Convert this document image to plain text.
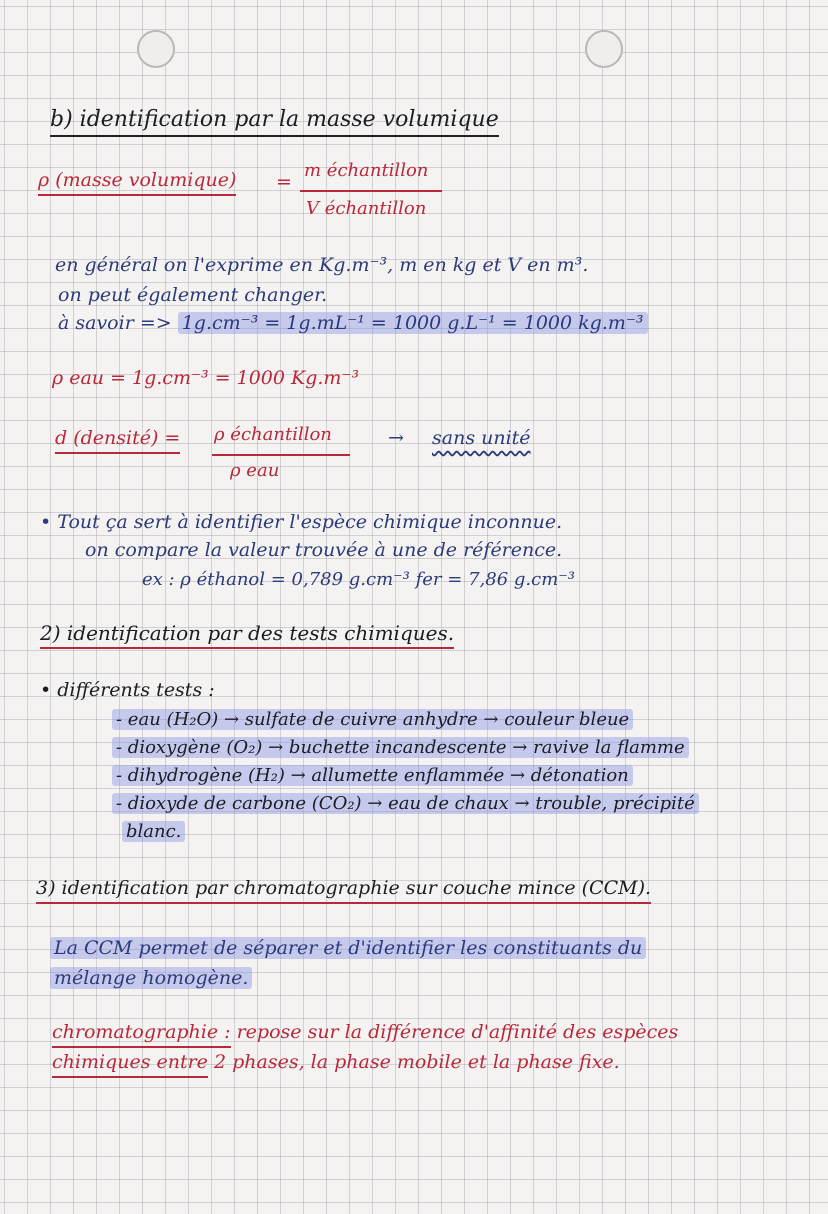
b) identification par la masse volumique
ρ (masse volumique) =
m échantillon
V échantillon
en général on l'exprime en Kg.m⁻³, m en kg et V en m³.
on peut également changer.
à savoir => 1g.cm⁻³ = 1g.mL⁻¹ = 1000 g.L⁻¹ = 1000 kg.m⁻³
ρ eau = 1g.cm⁻³ = 1000 Kg.m⁻³
d (densité) = ρ échantillon
ρ eau
→ sans unité
• Tout ça sert à identifier l'espèce chimique inconnue.
on compare la valeur trouvée à une de référence.
ex : ρ éthanol = 0,789 g.cm⁻³ fer = 7,86 g.cm⁻³
2) identification par des tests chimiques.
• différents tests :
- eau (H₂O) → sulfate de cuivre anhydre → couleur bleue
- dioxygène (O₂) → buchette incandescente → ravive la flamme
- dihydrogène (H₂) → allumette enflammée → détonation
- dioxyde de carbone (CO₂) → eau de chaux → trouble, précipité
blanc.
3) identification par chromatographie sur couche mince (CCM).
La CCM permet de séparer et d'identifier les constituants du
mélange homogène.
chromatographie : repose sur la différence d'affinité des espèces
chimiques entre 2 phases, la phase mobile et la phase fixe.
